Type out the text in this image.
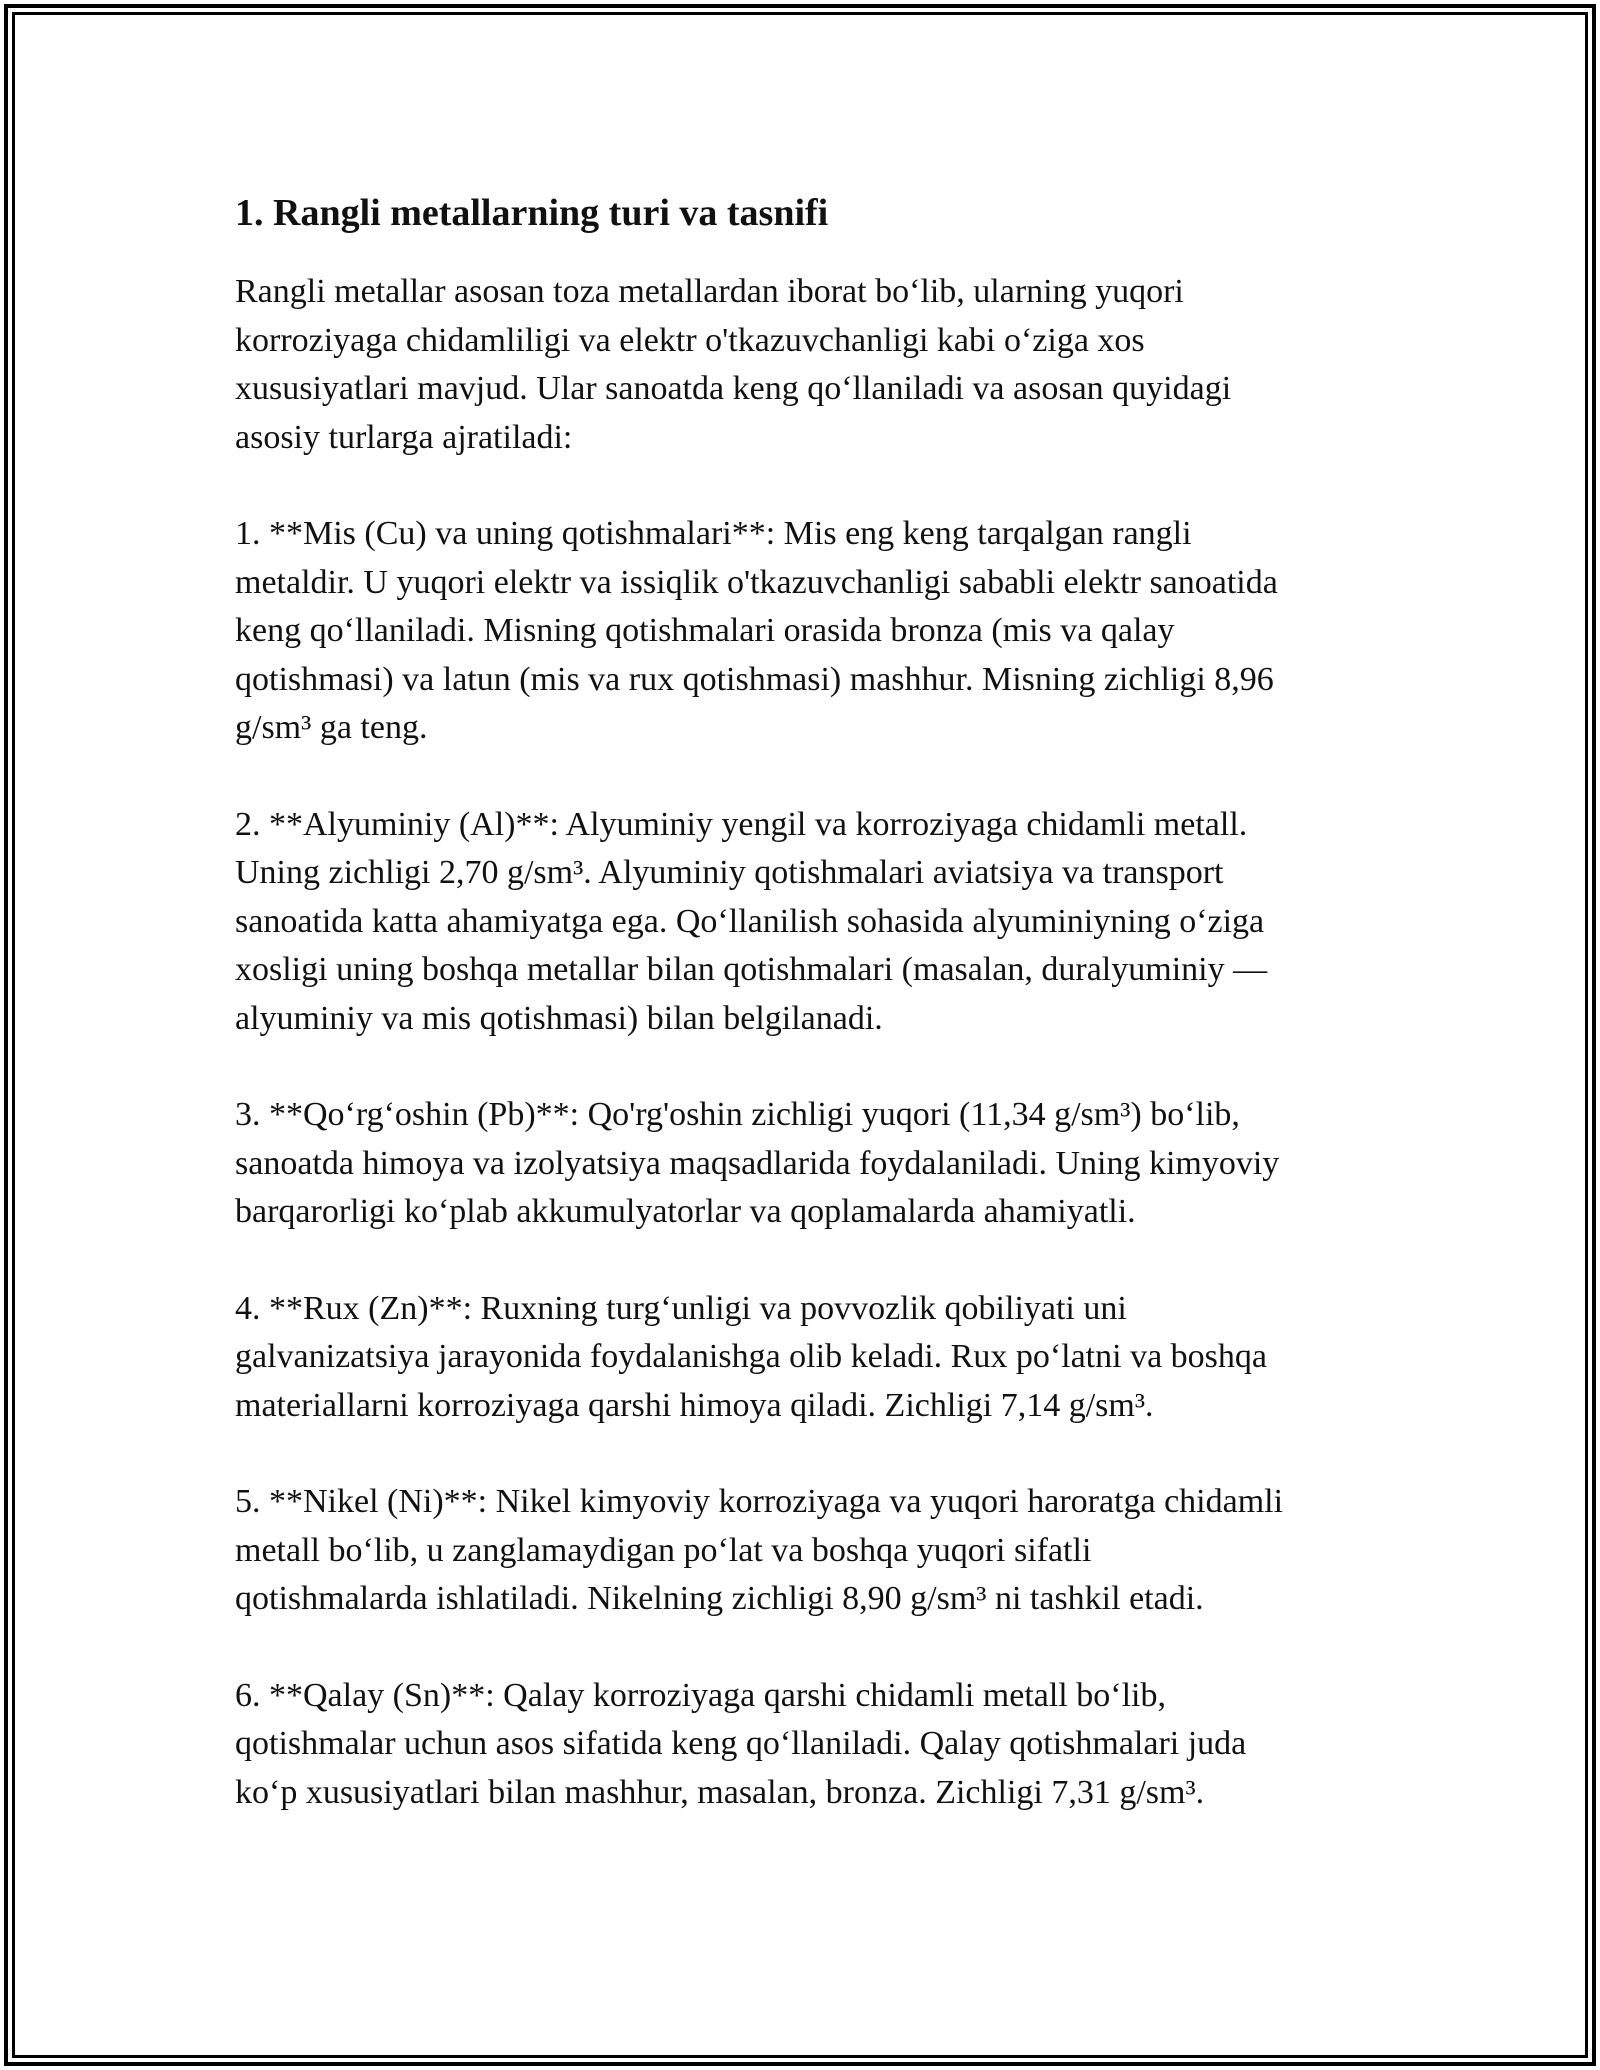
1. Rangli metallarning turi va tasnifi

Rangli metallar asosan toza metallardan iborat bo‘lib, ularning yuqori
korroziyaga chidamliligi va elektr o'tkazuvchanligi kabi o‘ziga xos
xususiyatlari mavjud. Ular sanoatda keng qo‘llaniladi va asosan quyidagi
asosiy turlarga ajratiladi:

1. **Mis (Cu) va uning qotishmalari**: Mis eng keng tarqalgan rangli
metaldir. U yuqori elektr va issiqlik o'tkazuvchanligi sababli elektr sanoatida
keng qo‘llaniladi. Misning qotishmalari orasida bronza (mis va qalay
qotishmasi) va latun (mis va rux qotishmasi) mashhur. Misning zichligi 8,96
g/sm³ ga teng.

2. **Alyuminiy (Al)**: Alyuminiy yengil va korroziyaga chidamli metall.
Uning zichligi 2,70 g/sm³. Alyuminiy qotishmalari aviatsiya va transport
sanoatida katta ahamiyatga ega. Qo‘llanilish sohasida alyuminiyning o‘ziga
xosligi uning boshqa metallar bilan qotishmalari (masalan, duralyuminiy —
alyuminiy va mis qotishmasi) bilan belgilanadi.

3. **Qo‘rg‘oshin (Pb)**: Qo'rg'oshin zichligi yuqori (11,34 g/sm³) bo‘lib,
sanoatda himoya va izolyatsiya maqsadlarida foydalaniladi. Uning kimyoviy
barqarorligi ko‘plab akkumulyatorlar va qoplamalarda ahamiyatli.

4. **Rux (Zn)**: Ruxning turg‘unligi va povvozlik qobiliyati uni
galvanizatsiya jarayonida foydalanishga olib keladi. Rux po‘latni va boshqa
materiallarni korroziyaga qarshi himoya qiladi. Zichligi 7,14 g/sm³.

5. **Nikel (Ni)**: Nikel kimyoviy korroziyaga va yuqori haroratga chidamli
metall bo‘lib, u zanglamaydigan po‘lat va boshqa yuqori sifatli
qotishmalarda ishlatiladi. Nikelning zichligi 8,90 g/sm³ ni tashkil etadi.

6. **Qalay (Sn)**: Qalay korroziyaga qarshi chidamli metall bo‘lib,
qotishmalar uchun asos sifatida keng qo‘llaniladi. Qalay qotishmalari juda
ko‘p xususiyatlari bilan mashhur, masalan, bronza. Zichligi 7,31 g/sm³.
